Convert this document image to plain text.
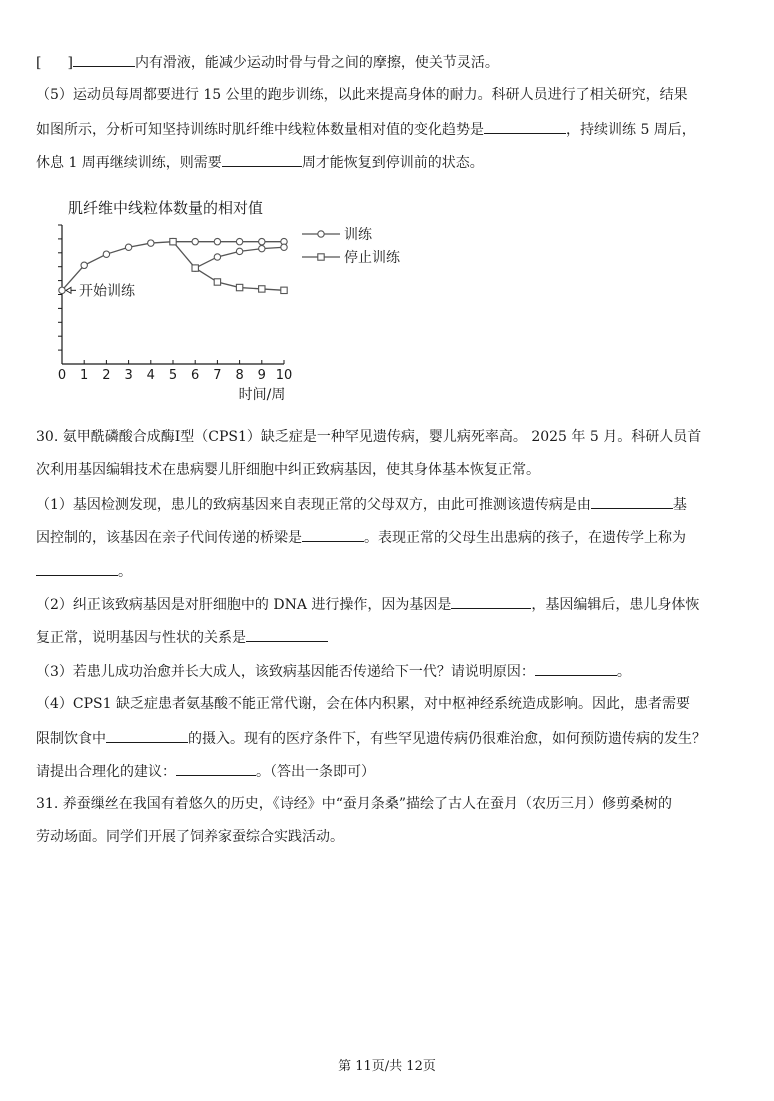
[ ]	内有滑液，能减少运动时骨与骨之间的摩擦，使关节灵活。
（5）运动员每周都要进行 15 公里的跑步训练，以此来提高身体的耐力。科研人员进行了相关研究，结果
如图所示，分析可知坚持训练时肌纤维中线粒体数量相对值的变化趋势是	，持续训练 5 周后，
休息 1 周再继续训练，则需要	周才能恢复到停训前的状态。
肌纤维中线粒体数量的相对值
0 1 2 3 4 5 6 7 8 9 10
训练
停止训练
开始训练
时间/周
30. 氨甲酰磷酸合成酶Ⅰ型（CPS1）缺乏症是一种罕见遗传病，婴儿病死率高。 2025 年 5 月。科研人员首
次利用基因编辑技术在患病婴儿肝细胞中纠正致病基因，使其身体基本恢复正常。
（1）基因检测发现，患儿的致病基因来自表现正常的父母双方，由此可推测该遗传病是由	基
因控制的，该基因在亲子代间传递的桥梁是	。表现正常的父母生出患病的孩子，在遗传学上称为
。
（2）纠正该致病基因是对肝细胞中的 DNA 进行操作，因为基因是	，基因编辑后，患儿身体恢
复正常，说明基因与性状的关系是
（3）若患儿成功治愈并长大成人，该致病基因能否传递给下一代？请说明原因：	。
（4）CPS1 缺乏症患者氨基酸不能正常代谢，会在体内积累，对中枢神经系统造成影响。因此，患者需要
限制饮食中	的摄入。现有的医疗条件下，有些罕见遗传病仍很难治愈，如何预防遗传病的发生？
请提出合理化的建议：	。（答出一条即可）
31. 养蚕缫丝在我国有着悠久的历史，《诗经》中“蚕月条桑”描绘了古人在蚕月（农历三月）修剪桑树的
劳动场面。同学们开展了饲养家蚕综合实践活动。
第 11页/共 12页
